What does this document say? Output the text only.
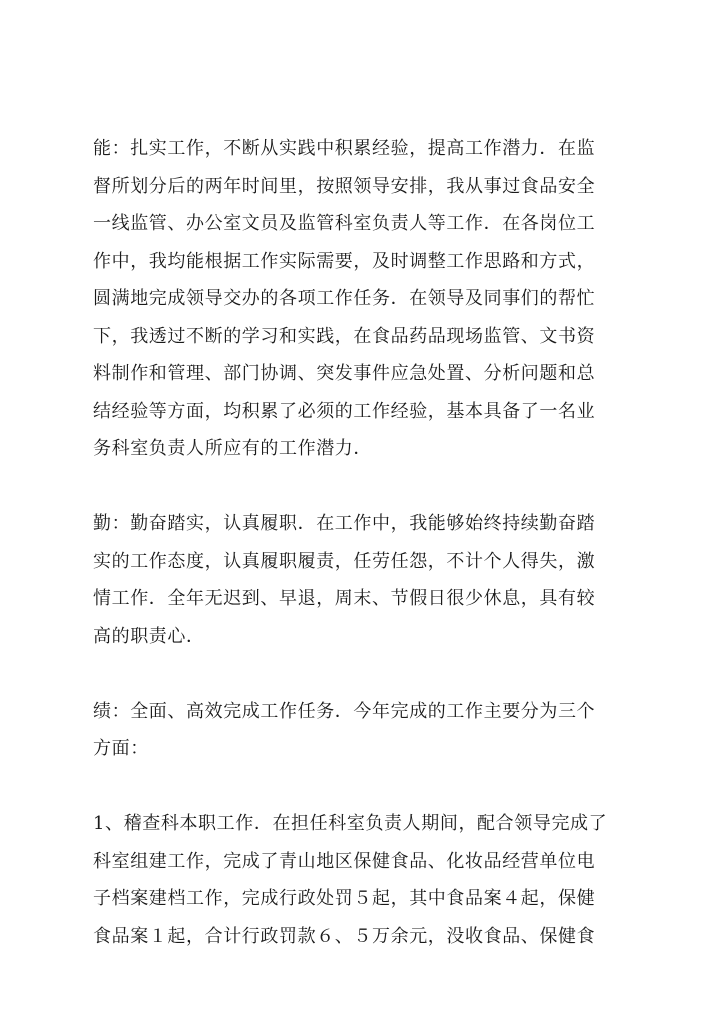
能：扎实工作，不断从实践中积累经验，提高工作潜力．在监
督所划分后的两年时间里，按照领导安排，我从事过食品安全
一线监管、办公室文员及监管科室负责人等工作．在各岗位工
作中，我均能根据工作实际需要，及时调整工作思路和方式，
圆满地完成领导交办的各项工作任务．在领导及同事们的帮忙
下，我透过不断的学习和实践，在食品药品现场监管、文书资
料制作和管理、部门协调、突发事件应急处置、分析问题和总
结经验等方面，均积累了必须的工作经验，基本具备了一名业
务科室负责人所应有的工作潜力．
勤：勤奋踏实，认真履职．在工作中，我能够始终持续勤奋踏
实的工作态度，认真履职履责，任劳任怨，不计个人得失，激
情工作．全年无迟到、早退，周末、节假日很少休息，具有较
高的职责心．
绩：全面、高效完成工作任务．今年完成的工作主要分为三个
方面：
1、稽查科本职工作．在担任科室负责人期间，配合领导完成了
科室组建工作，完成了青山地区保健食品、化妆品经营单位电
子档案建档工作，完成行政处罚５起，其中食品案４起，保健
食品案１起，合计行政罚款６、５万余元，没收食品、保健食
